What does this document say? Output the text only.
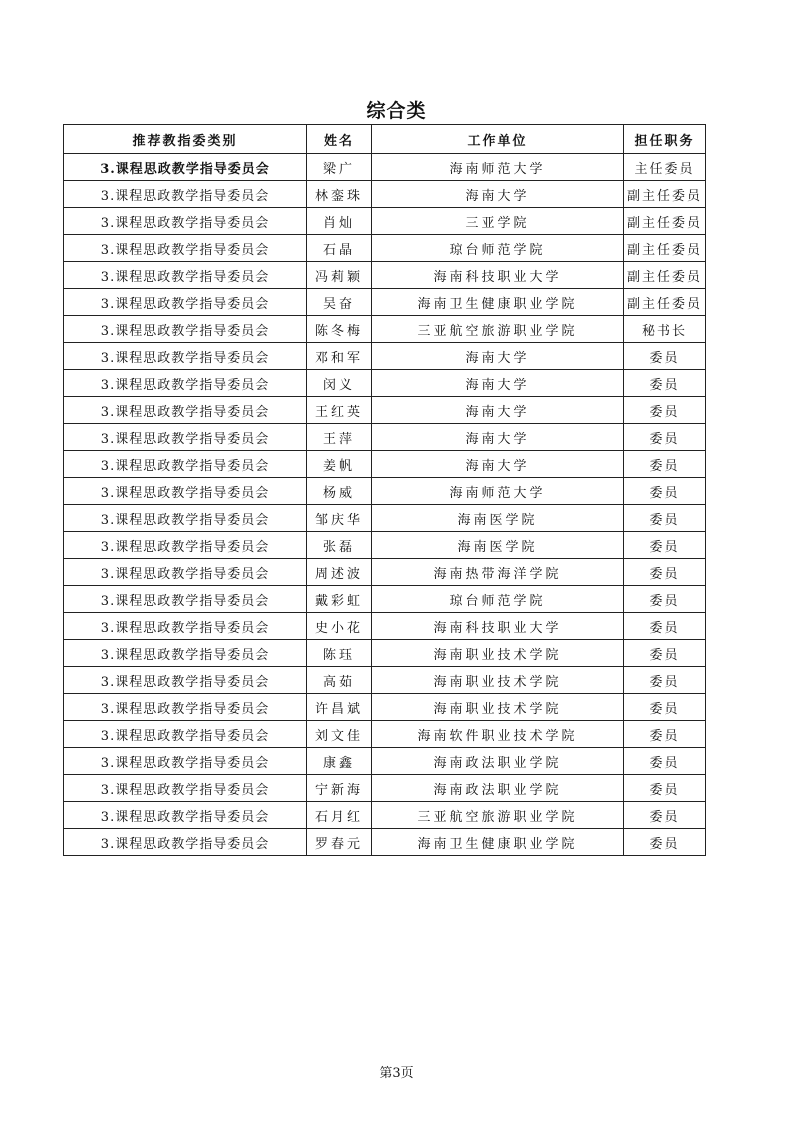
综合类
推荐教指委类别	姓名	工作单位	担任职务
3.课程思政教学指导委员会	梁广	海南师范大学	主任委员
3.课程思政教学指导委员会	林銮珠	海南大学	副主任委员
3.课程思政教学指导委员会	肖灿	三亚学院	副主任委员
3.课程思政教学指导委员会	石晶	琼台师范学院	副主任委员
3.课程思政教学指导委员会	冯莉颖	海南科技职业大学	副主任委员
3.课程思政教学指导委员会	吴奋	海南卫生健康职业学院	副主任委员
3.课程思政教学指导委员会	陈冬梅	三亚航空旅游职业学院	秘书长
3.课程思政教学指导委员会	邓和军	海南大学	委员
3.课程思政教学指导委员会	闵义	海南大学	委员
3.课程思政教学指导委员会	王红英	海南大学	委员
3.课程思政教学指导委员会	王萍	海南大学	委员
3.课程思政教学指导委员会	姜帆	海南大学	委员
3.课程思政教学指导委员会	杨威	海南师范大学	委员
3.课程思政教学指导委员会	邹庆华	海南医学院	委员
3.课程思政教学指导委员会	张磊	海南医学院	委员
3.课程思政教学指导委员会	周述波	海南热带海洋学院	委员
3.课程思政教学指导委员会	戴彩虹	琼台师范学院	委员
3.课程思政教学指导委员会	史小花	海南科技职业大学	委员
3.课程思政教学指导委员会	陈珏	海南职业技术学院	委员
3.课程思政教学指导委员会	高茹	海南职业技术学院	委员
3.课程思政教学指导委员会	许昌斌	海南职业技术学院	委员
3.课程思政教学指导委员会	刘文佳	海南软件职业技术学院	委员
3.课程思政教学指导委员会	康鑫	海南政法职业学院	委员
3.课程思政教学指导委员会	宁新海	海南政法职业学院	委员
3.课程思政教学指导委员会	石月红	三亚航空旅游职业学院	委员
3.课程思政教学指导委员会	罗春元	海南卫生健康职业学院	委员
第3页
